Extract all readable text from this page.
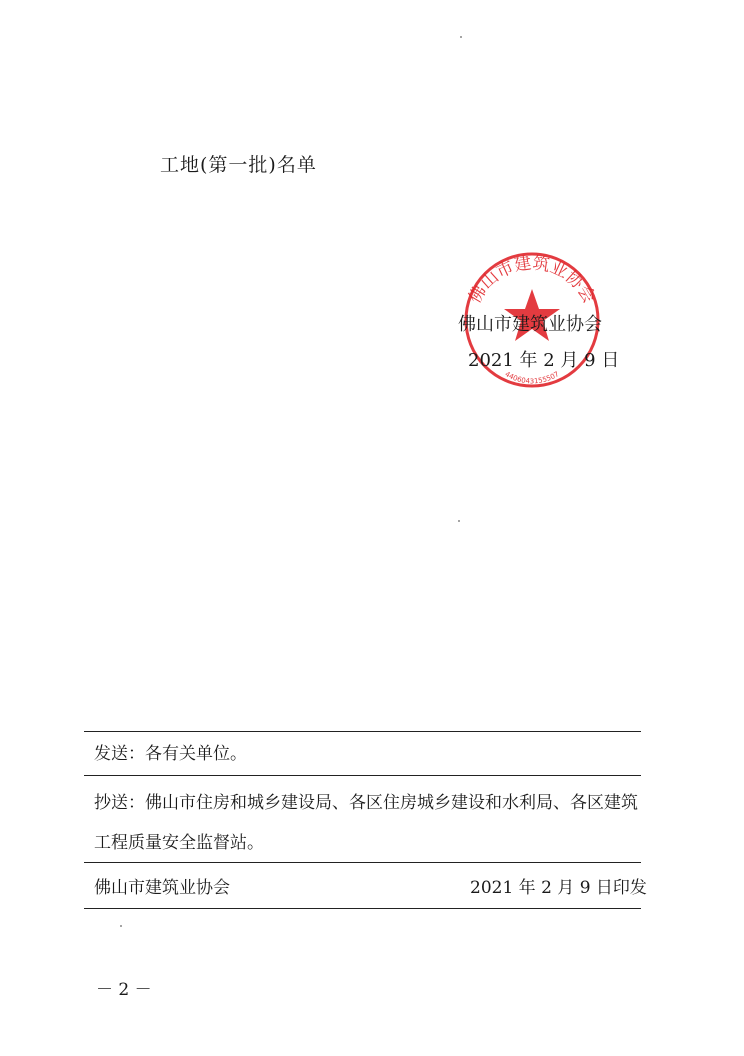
工地(第一批)名单
佛山市建筑业协会
4406043155507
佛山市建筑业协会
2021 年 2 月 9 日
发送：各有关单位。
抄送：佛山市住房和城乡建设局、各区住房城乡建设和水利局、各区建筑
工程质量安全监督站。
佛山市建筑业协会	2021 年 2 月 9 日印发
－ 2 －
